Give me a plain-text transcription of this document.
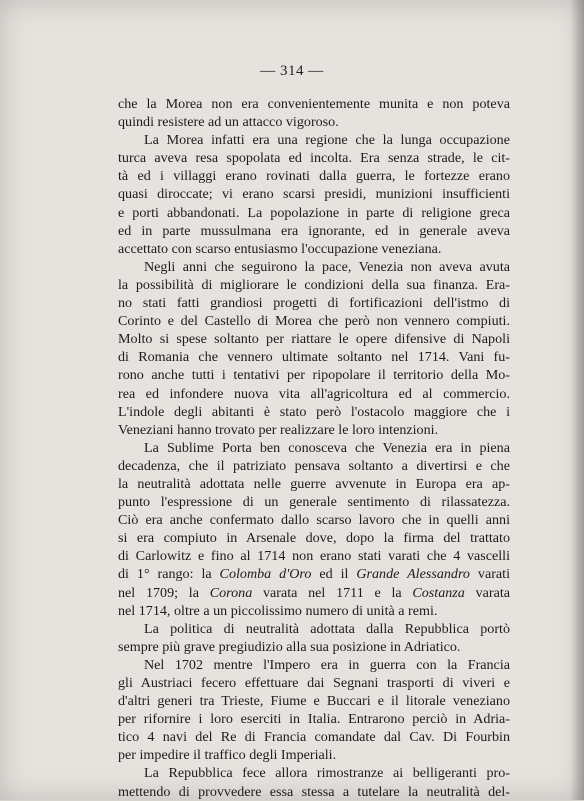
— 314 —
che la Morea non era convenientemente munita e non poteva
quindi resistere ad un attacco vigoroso.
La Morea infatti era una regione che la lunga occupazione
turca aveva resa spopolata ed incolta. Era senza strade, le cit-
tà ed i villaggi erano rovinati dalla guerra, le fortezze erano
quasi diroccate; vi erano scarsi presidi, munizioni insufficienti
e porti abbandonati. La popolazione in parte di religione greca
ed in parte mussulmana era ignorante, ed in generale aveva
accettato con scarso entusiasmo l'occupazione veneziana.
Negli anni che seguirono la pace, Venezia non aveva avuta
la possibilità di migliorare le condizioni della sua finanza. Era-
no stati fatti grandiosi progetti di fortificazioni dell'istmo di
Corinto e del Castello di Morea che però non vennero compiuti.
Molto si spese soltanto per riattare le opere difensive di Napoli
di Romania che vennero ultimate soltanto nel 1714. Vani fu-
rono anche tutti i tentativi per ripopolare il territorio della Mo-
rea ed infondere nuova vita all'agricoltura ed al commercio.
L'indole degli abitanti è stato però l'ostacolo maggiore che i
Veneziani hanno trovato per realizzare le loro intenzioni.
La Sublime Porta ben conosceva che Venezia era in piena
decadenza, che il patriziato pensava soltanto a divertirsi e che
la neutralità adottata nelle guerre avvenute in Europa era ap-
punto l'espressione di un generale sentimento di rilassatezza.
Ciò era anche confermato dallo scarso lavoro che in quelli anni
si era compiuto in Arsenale dove, dopo la firma del trattato
di Carlowitz e fino al 1714 non erano stati varati che 4 vascelli
di 1° rango: la Colomba d'Oro ed il Grande Alessandro varati
nel 1709; la Corona varata nel 1711 e la Costanza varata
nel 1714, oltre a un piccolissimo numero di unità a remi.
La politica di neutralità adottata dalla Repubblica portò
sempre più grave pregiudizio alla sua posizione in Adriatico.
Nel 1702 mentre l'Impero era in guerra con la Francia
gli Austriaci fecero effettuare dai Segnani trasporti di viveri e
d'altri generi tra Trieste, Fiume e Buccari e il litorale veneziano
per rifornire i loro eserciti in Italia. Entrarono perciò in Adria-
tico 4 navi del Re di Francia comandate dal Cav. Di Fourbin
per impedire il traffico degli Imperiali.
La Repubblica fece allora rimostranze ai belligeranti pro-
mettendo di provvedere essa stessa a tutelare la neutralità del-
